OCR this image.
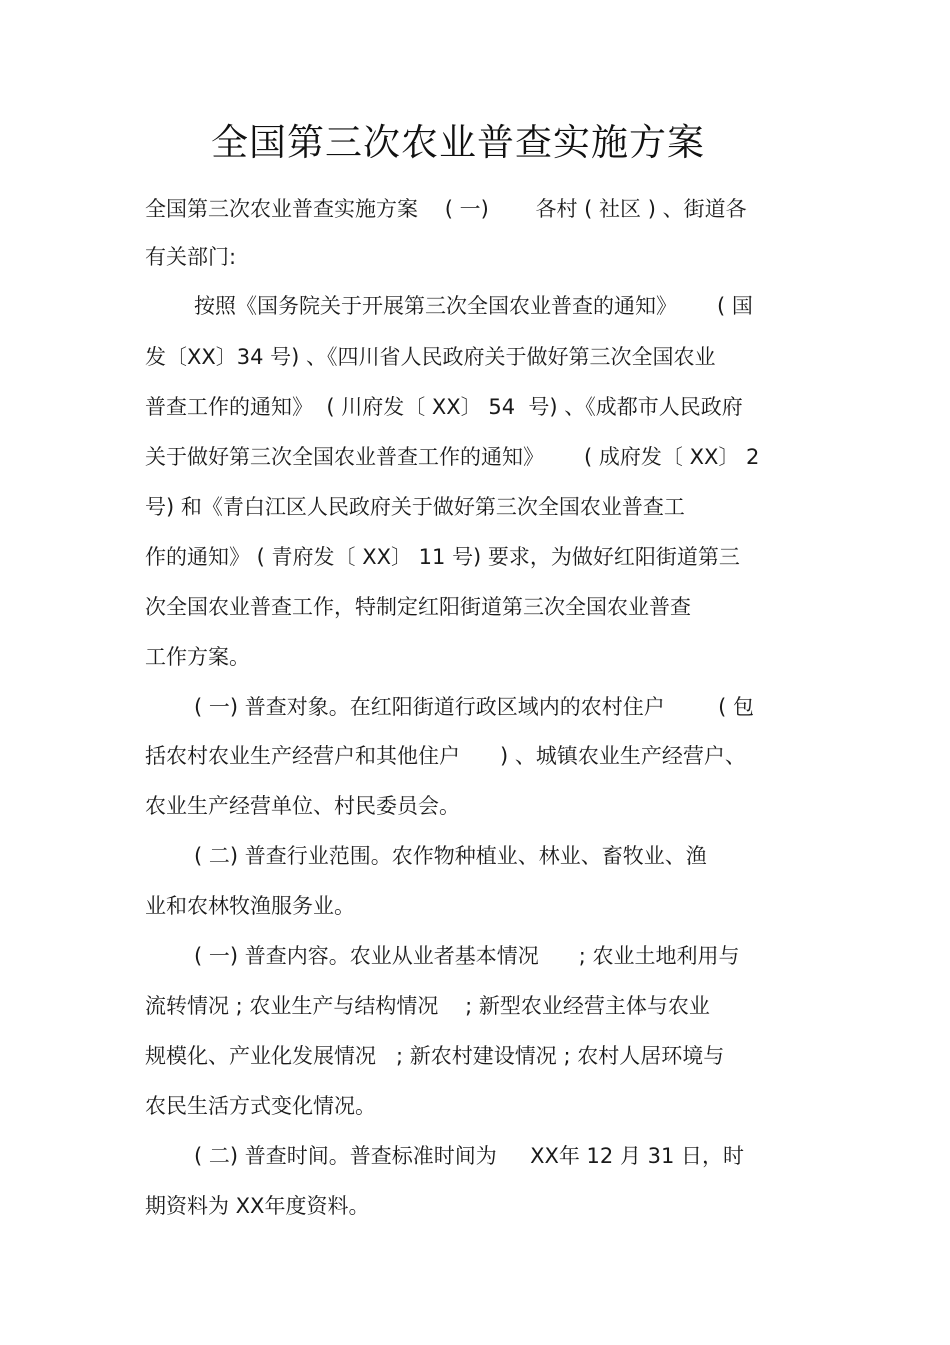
全国第三次农业普查实施方案
全国第三次农业普查实施方案    ( 一)       各村 ( 社区 ) 、街道各
有关部门:
按照《国务院关于开展第三次全国农业普查的通知》      ( 国
发〔XX〕34 号) 、《四川省人民政府关于做好第三次全国农业
普查工作的通知》  ( 川府发〔 XX〕 54  号) 、《成都市人民政府
关于做好第三次全国农业普查工作的通知》      ( 成府发〔 XX〕 2
号) 和《青白江区人民政府关于做好第三次全国农业普查工
作的通知》 ( 青府发〔 XX〕 11 号) 要求，为做好红阳街道第三
次全国农业普查工作，特制定红阳街道第三次全国农业普查
工作方案。
( 一) 普查对象。在红阳街道行政区域内的农村住户        ( 包
括农村农业生产经营户和其他住户      ) 、城镇农业生产经营户、
农业生产经营单位、村民委员会。
( 二) 普查行业范围。农作物种植业、林业、畜牧业、渔
业和农林牧渔服务业。
( 一) 普查内容。农业从业者基本情况      ; 农业土地利用与
流转情况 ; 农业生产与结构情况    ; 新型农业经营主体与农业
规模化、产业化发展情况   ; 新农村建设情况 ; 农村人居环境与
农民生活方式变化情况。
( 二) 普查时间。普查标准时间为     XX年 12 月 31 日，时
期资料为 XX年度资料。
